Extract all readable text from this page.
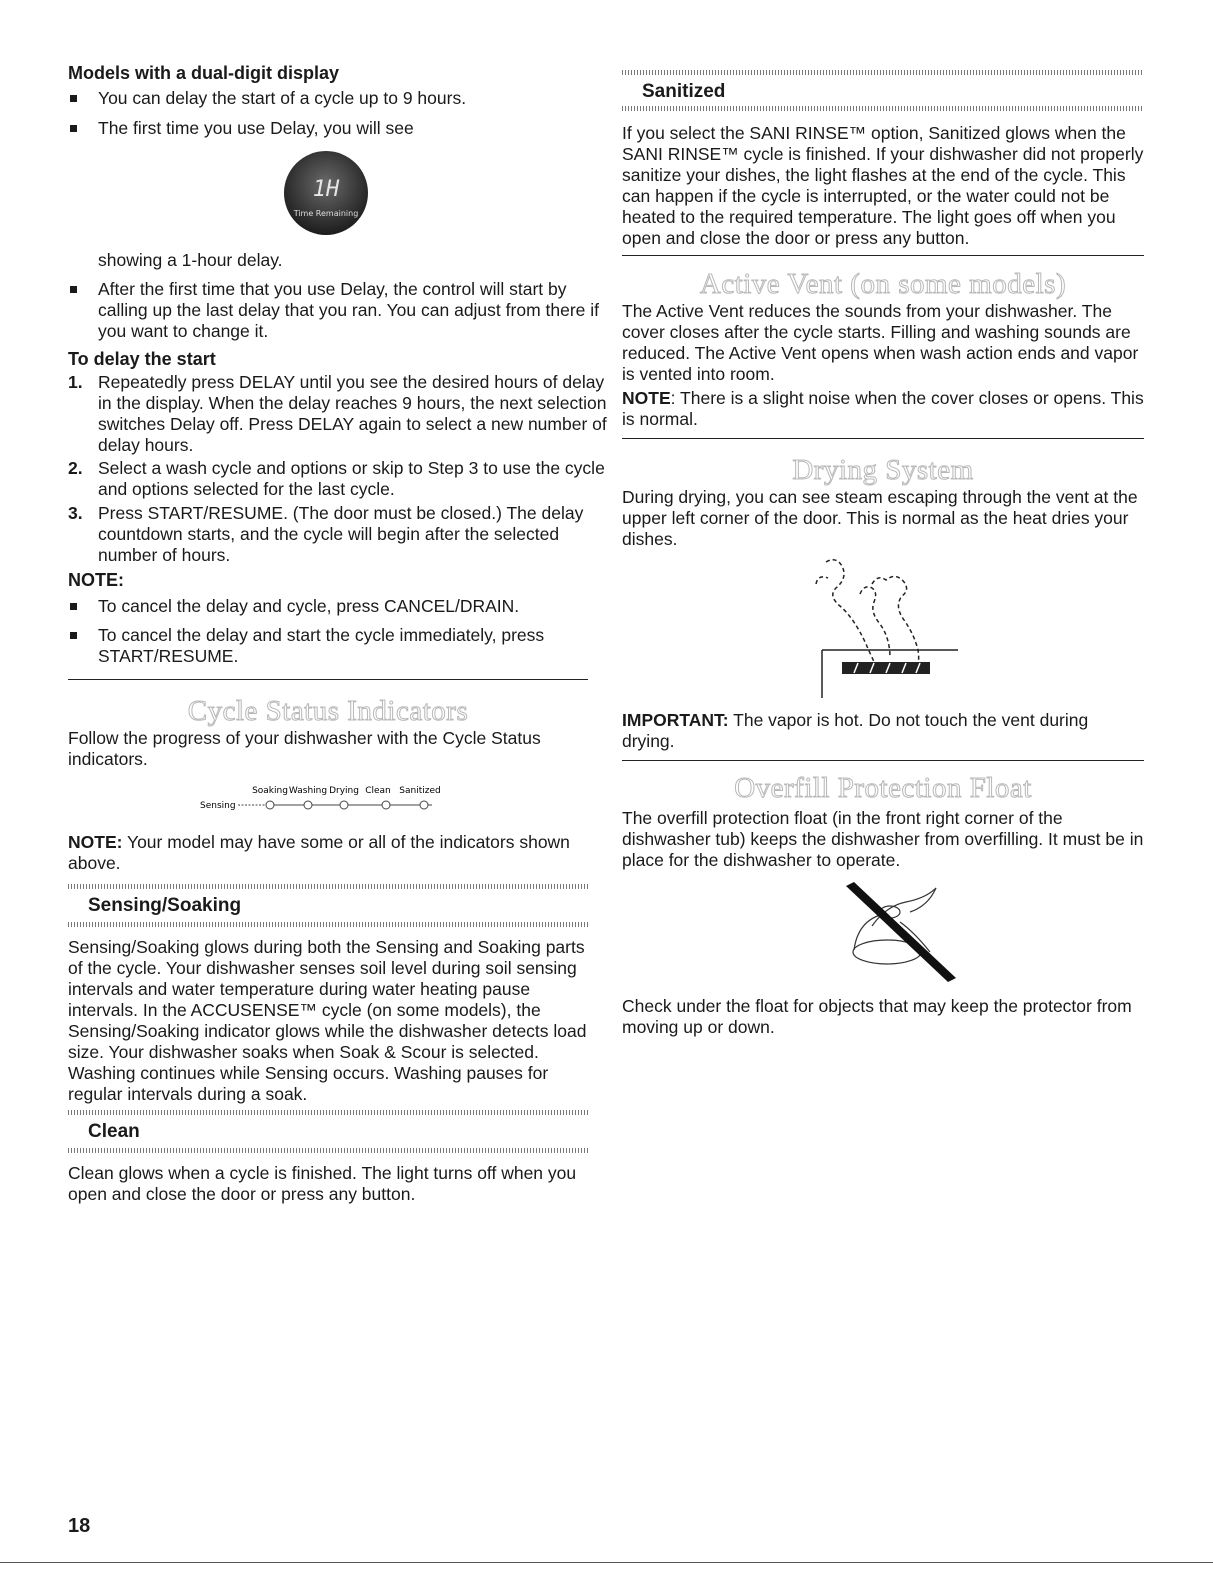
Models with a dual-digit display
You can delay the start of a cycle up to 9 hours.
The first time you use Delay, you will see
1H
Time Remaining
showing a 1-hour delay.
After the first time that you use Delay, the control will start by calling up the last delay that you ran. You can adjust from there if you want to change it.
To delay the start
1. Repeatedly press DELAY until you see the desired hours of delay in the display. When the delay reaches 9 hours, the next selection switches Delay off. Press DELAY again to select a new number of delay hours.
2. Select a wash cycle and options or skip to Step 3 to use the cycle and options selected for the last cycle.
3. Press START/RESUME. (The door must be closed.) The delay countdown starts, and the cycle will begin after the selected number of hours.
NOTE:
To cancel the delay and cycle, press CANCEL/DRAIN.
To cancel the delay and start the cycle immediately, press START/RESUME.
Cycle Status Indicators
Follow the progress of your dishwasher with the Cycle Status indicators.
Sensing
Soaking Washing Drying Clean Sanitized
NOTE: Your model may have some or all of the indicators shown above.
Sensing/Soaking
Sensing/Soaking glows during both the Sensing and Soaking parts of the cycle. Your dishwasher senses soil level during soil sensing intervals and water temperature during water heating pause intervals. In the ACCUSENSE™ cycle (on some models), the Sensing/Soaking indicator glows while the dishwasher detects load size. Your dishwasher soaks when Soak & Scour is selected. Washing continues while Sensing occurs. Washing pauses for regular intervals during a soak.
Clean
Clean glows when a cycle is finished. The light turns off when you open and close the door or press any button.
Sanitized
If you select the SANI RINSE™ option, Sanitized glows when the SANI RINSE™ cycle is finished. If your dishwasher did not properly sanitize your dishes, the light flashes at the end of the cycle. This can happen if the cycle is interrupted, or the water could not be heated to the required temperature. The light goes off when you open and close the door or press any button.
Active Vent (on some models)
The Active Vent reduces the sounds from your dishwasher. The cover closes after the cycle starts. Filling and washing sounds are reduced. The Active Vent opens when wash action ends and vapor is vented into room.
NOTE: There is a slight noise when the cover closes or opens. This is normal.
Drying System
During drying, you can see steam escaping through the vent at the upper left corner of the door. This is normal as the heat dries your dishes.
IMPORTANT: The vapor is hot. Do not touch the vent during drying.
Overfill Protection Float
The overfill protection float (in the front right corner of the dishwasher tub) keeps the dishwasher from overfilling. It must be in place for the dishwasher to operate.
Check under the float for objects that may keep the protector from moving up or down.
18
